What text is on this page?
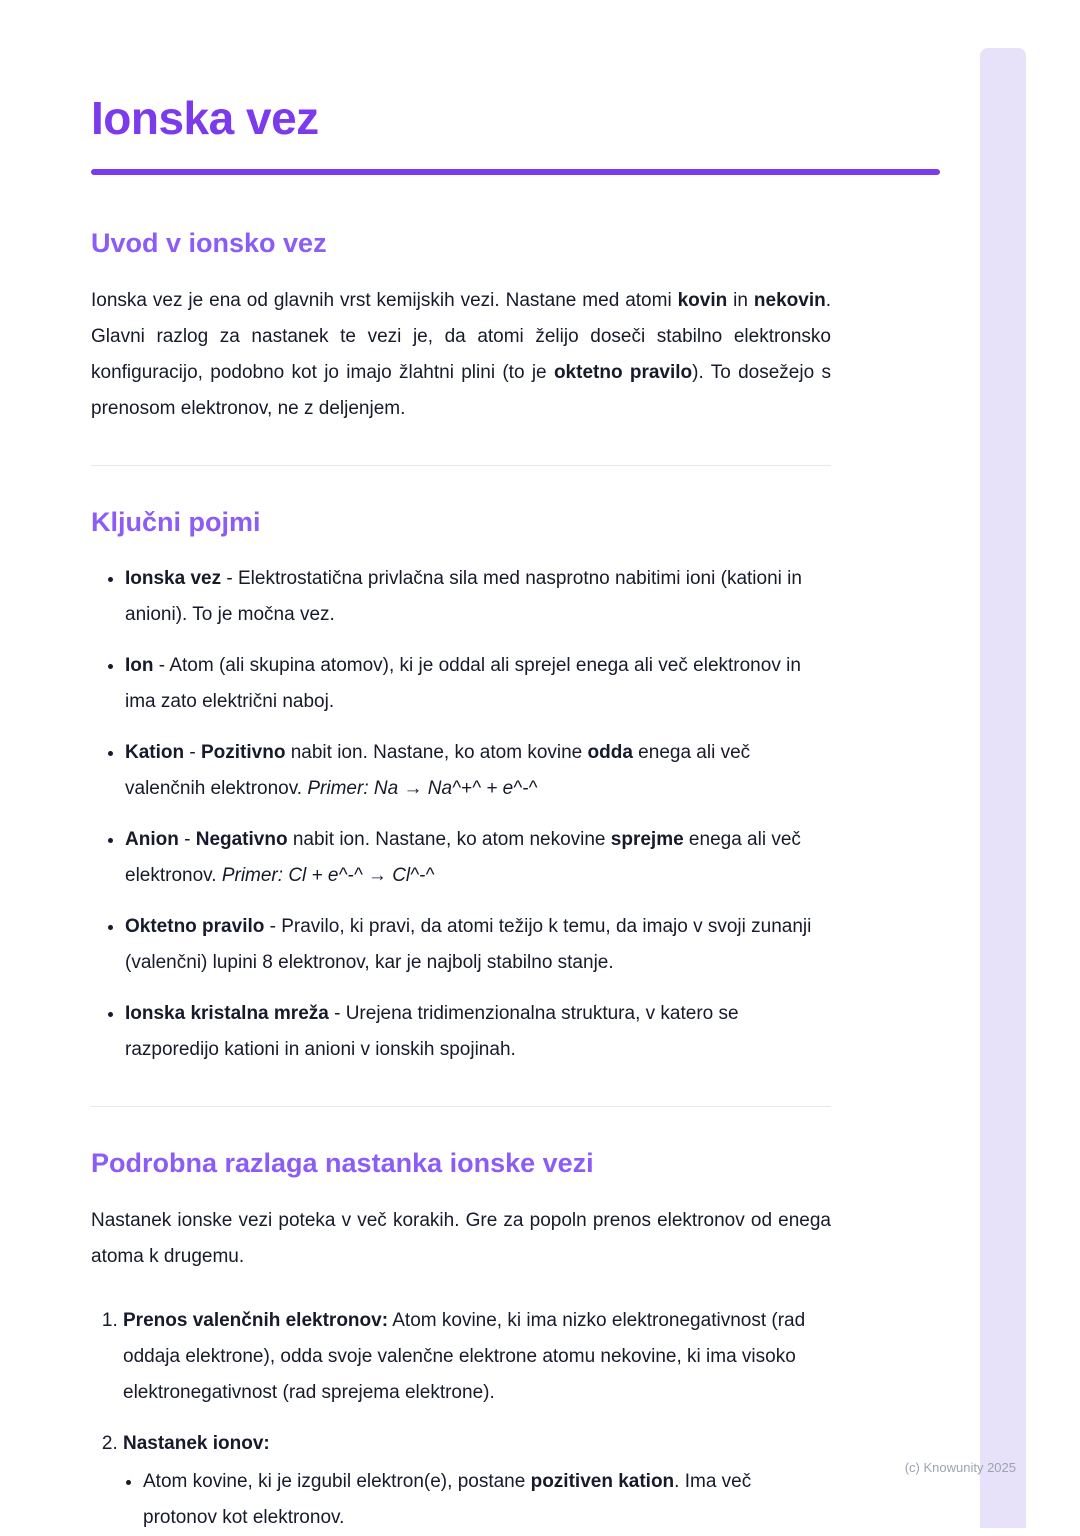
Ionska vez
Uvod v ionsko vez

Ionska vez je ena od glavnih vrst kemijskih vezi. Nastane med atomi kovin in nekovin. Glavni razlog za nastanek te vezi je, da atomi želijo doseči stabilno elektronsko konfiguracijo, podobno kot jo imajo žlahtni plini (to je oktetno pravilo). To dosežejo s prenosom elektronov, ne z deljenjem.

Ključni pojmi
• Ionska vez - Elektrostatična privlačna sila med nasprotno nabitimi ioni (kationi in anioni). To je močna vez.
• Ion - Atom (ali skupina atomov), ki je oddal ali sprejel enega ali več elektronov in ima zato električni naboj.
• Kation - Pozitivno nabit ion. Nastane, ko atom kovine odda enega ali več valenčnih elektronov. Primer: Na → Na^+^ + e^-^
• Anion - Negativno nabit ion. Nastane, ko atom nekovine sprejme enega ali več elektronov. Primer: Cl + e^-^ → Cl^-^
• Oktetno pravilo - Pravilo, ki pravi, da atomi težijo k temu, da imajo v svoji zunanji (valenčni) lupini 8 elektronov, kar je najbolj stabilno stanje.
• Ionska kristalna mreža - Urejena tridimenzionalna struktura, v katero se razporedijo kationi in anioni v ionskih spojinah.
Podrobna razlaga nastanka ionske vezi

Nastanek ionske vezi poteka v več korakih. Gre za popoln prenos elektronov od enega atoma k drugemu.

1. Prenos valenčnih elektronov: Atom kovine, ki ima nizko elektronegativnost (rad oddaja elektrone), odda svoje valenčne elektrone atomu nekovine, ki ima visoko elektronegativnost (rad sprejema elektrone).
2. Nastanek ionov:
• Atom kovine, ki je izgubil elektron(e), postane pozitiven kation. Ima več protonov kot elektronov.
(c) Knowunity 2025
